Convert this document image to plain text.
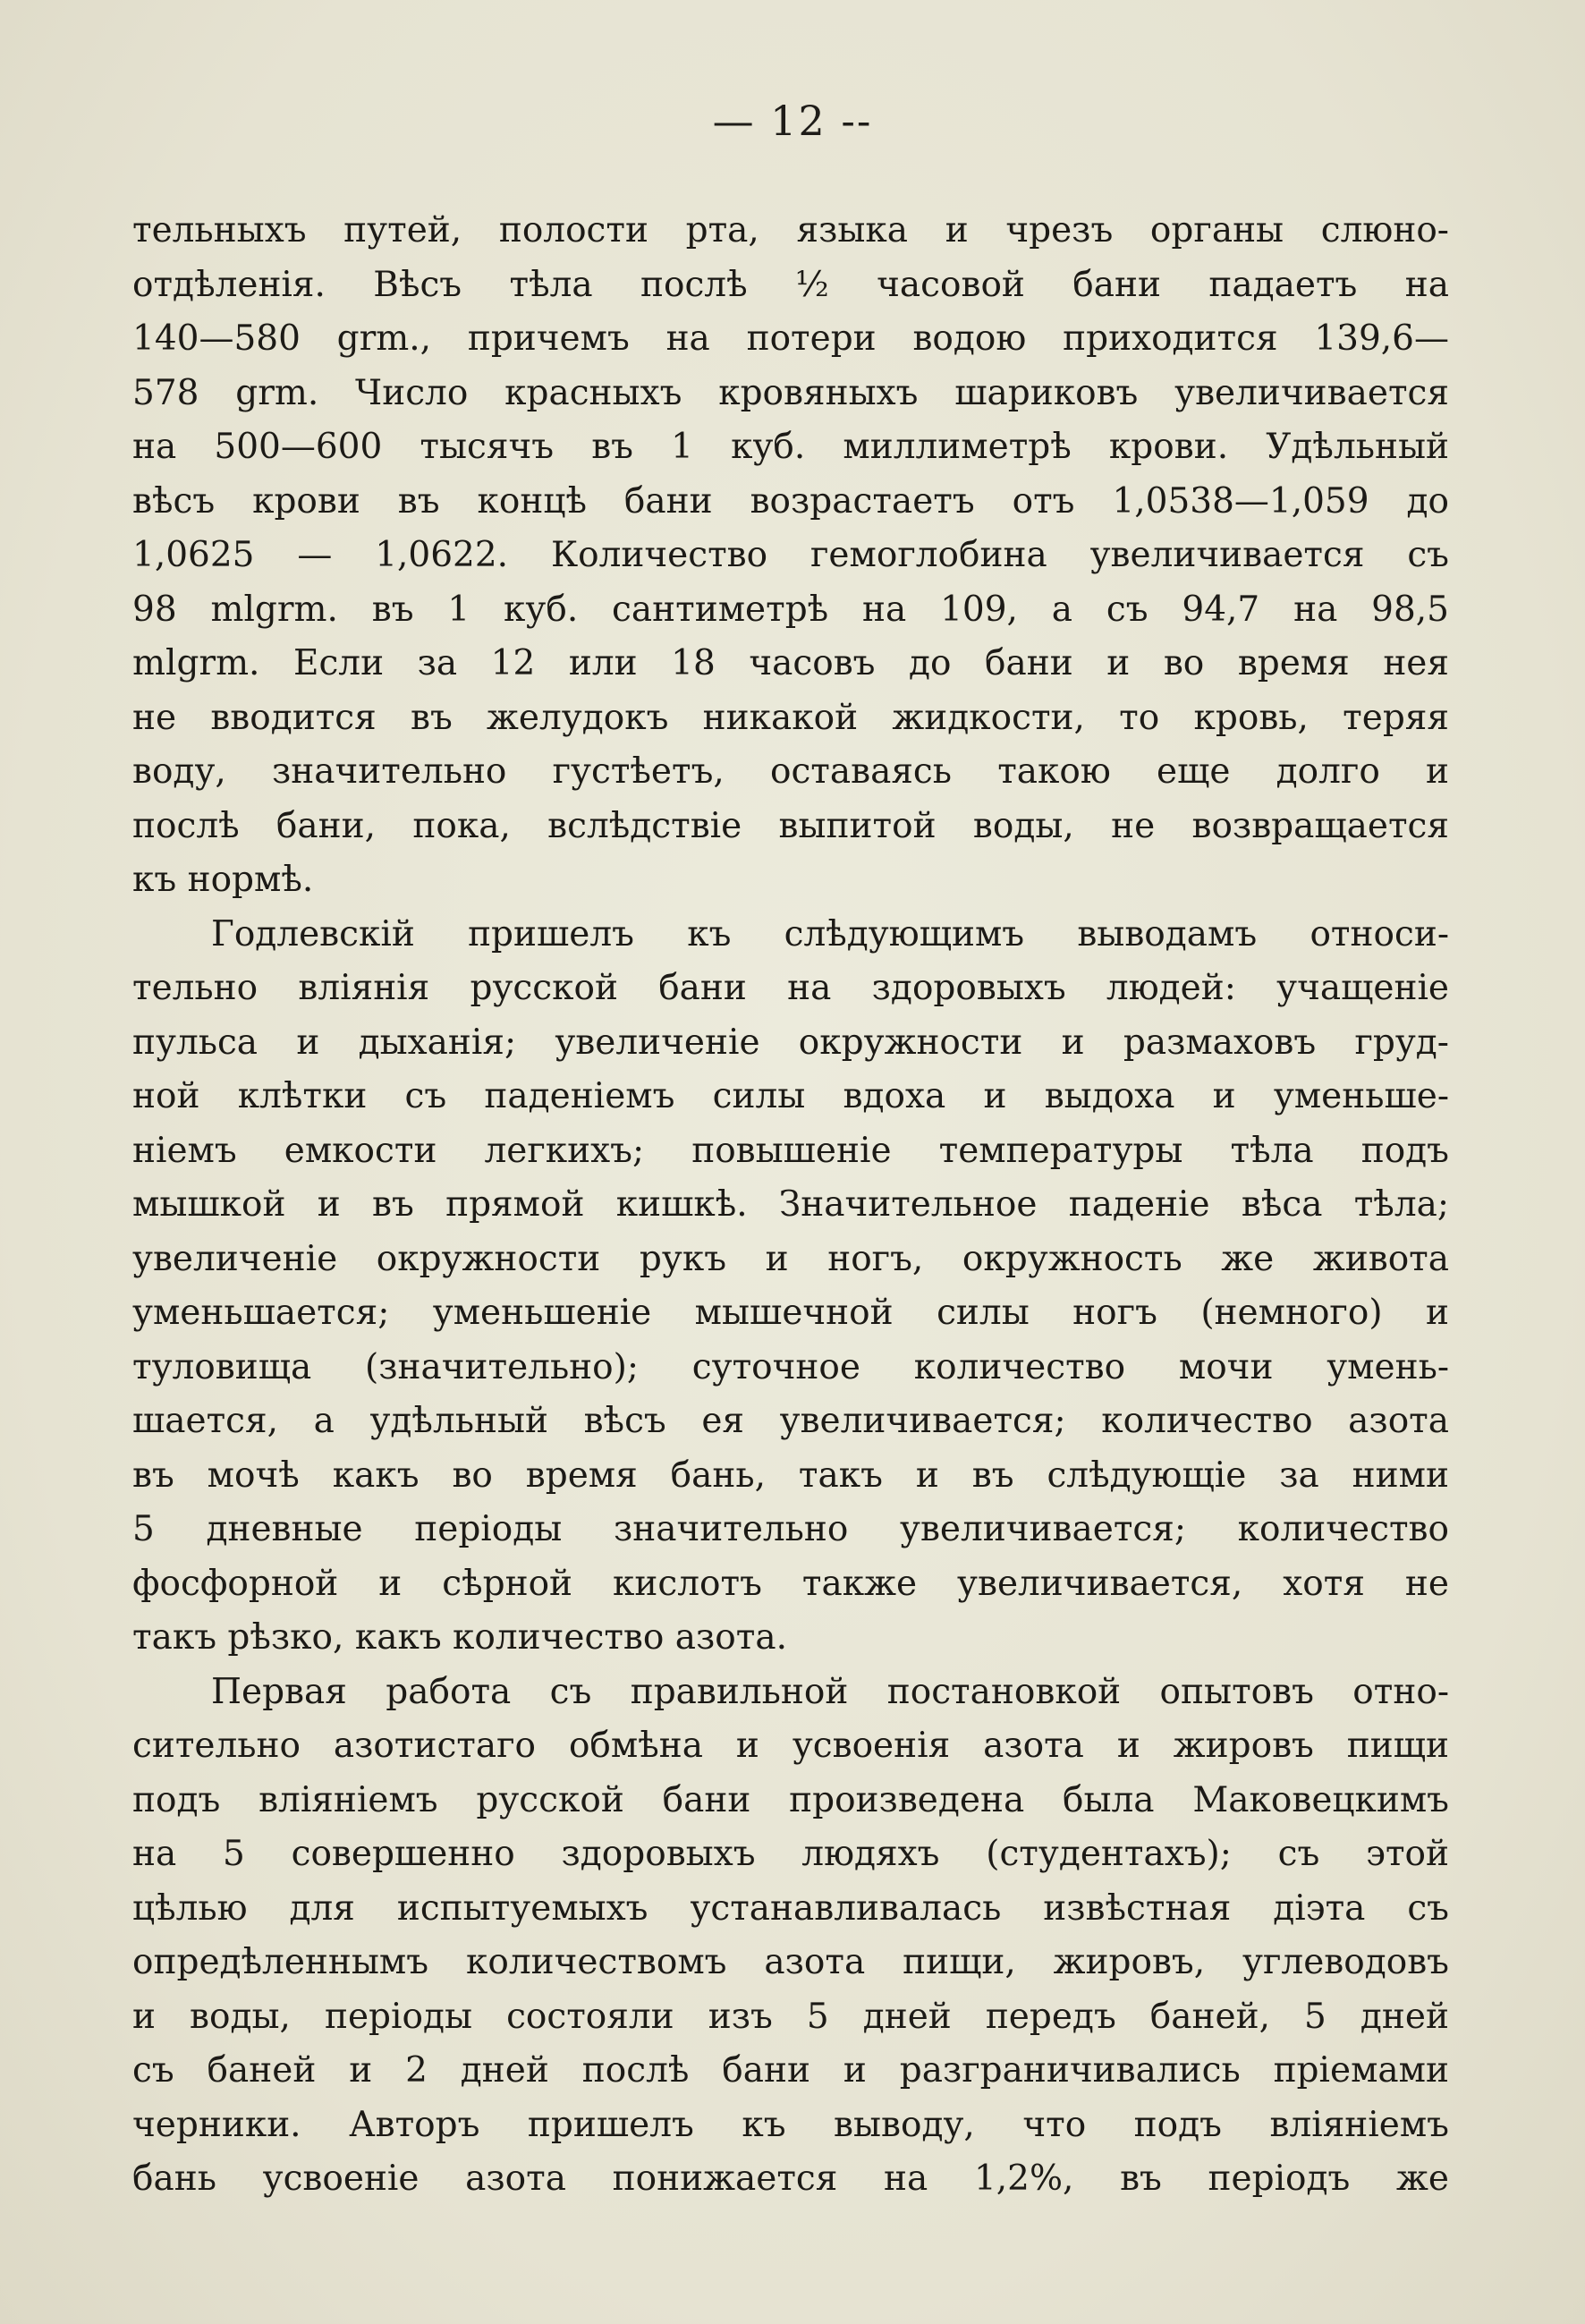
— 12 --
тельныхъ путей, полости рта, языка и чрезъ органы слюно-
отдѣленія. Вѣсъ тѣла послѣ ½ часовой бани падаетъ на
140—580 grm., причемъ на потери водою приходится 139,6—
578 grm. Число красныхъ кровяныхъ шариковъ увеличивается
на 500—600 тысячъ въ 1 куб. миллиметрѣ крови. Удѣльный
вѣсъ крови въ концѣ бани возрастаетъ отъ 1,0538—1,059 до
1,0625 — 1,0622. Количество гемоглобина увеличивается съ
98 mlgrm. въ 1 куб. сантиметрѣ на 109, а съ 94,7 на 98,5
mlgrm. Если за 12 или 18 часовъ до бани и во время нея
не вводится въ желудокъ никакой жидкости, то кровь, теряя
воду, значительно густѣетъ, оставаясь такою еще долго и
послѣ бани, пока, вслѣдствіе выпитой воды, не возвращается
къ нормѣ.
Годлевскій пришелъ къ слѣдующимъ выводамъ относи-
тельно вліянія русской бани на здоровыхъ людей: учащеніе
пульса и дыханія; увеличеніе окружности и размаховъ груд-
ной клѣтки съ паденіемъ силы вдоха и выдоха и уменьше-
ніемъ емкости легкихъ; повышеніе температуры тѣла подъ
мышкой и въ прямой кишкѣ. Значительное паденіе вѣса тѣла;
увеличеніе окружности рукъ и ногъ, окружность же живота
уменьшается; уменьшеніе мышечной силы ногъ (немного) и
туловища (значительно); суточное количество мочи умень-
шается, а удѣльный вѣсъ ея увеличивается; количество азота
въ мочѣ какъ во время бань, такъ и въ слѣдующіе за ними
5 дневные періоды значительно увеличивается; количество
фосфорной и сѣрной кислотъ также увеличивается, хотя не
такъ рѣзко, какъ количество азота.
Первая работа съ правильной постановкой опытовъ отно-
сительно азотистаго обмѣна и усвоенія азота и жировъ пищи
подъ вліяніемъ русской бани произведена была Маковецкимъ
на 5 совершенно здоровыхъ людяхъ (студентахъ); съ этой
цѣлью для испытуемыхъ устанавливалась извѣстная діэта съ
опредѣленнымъ количествомъ азота пищи, жировъ, углеводовъ
и воды, періоды состояли изъ 5 дней передъ баней, 5 дней
съ баней и 2 дней послѣ бани и разграничивались пріемами
черники. Авторъ пришелъ къ выводу, что подъ вліяніемъ
бань усвоеніе азота понижается на 1,2%, въ періодъ же
